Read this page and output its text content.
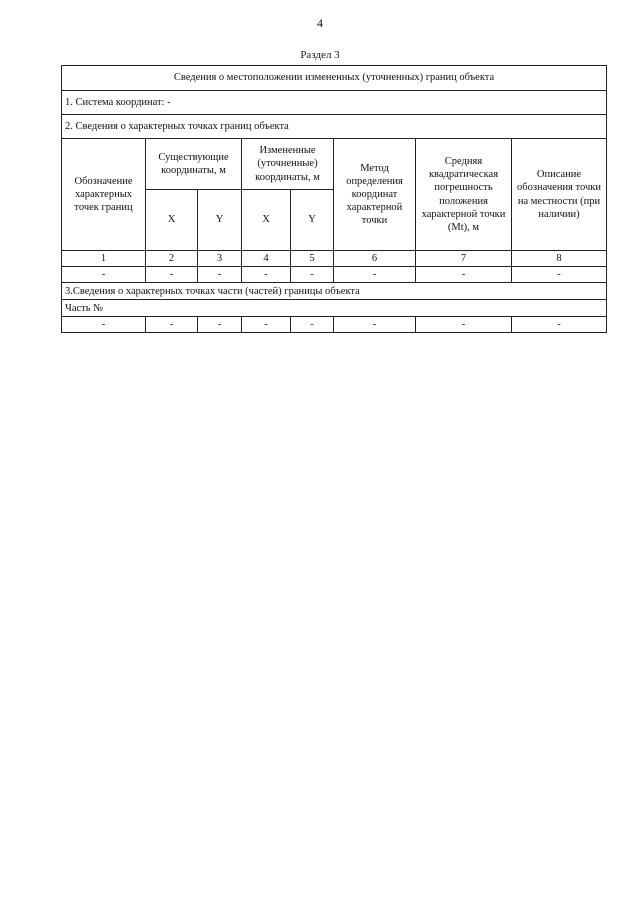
4
Раздел 3
Сведения о местоположении измененных (уточненных) границ объекта							
1. Система координат: -							
2. Сведения о характерных точках границ объекта							
Обозначение характерных точек границ	Существующие координаты, м		Измененные (уточненные) координаты, м		Метод определения координат характерной точки	Средняя квадратическая погрешность положения характерной точки (Mt), м	Описание обозначения точки на местности (при наличии)
	X	Y	X	Y			
1	2	3	4	5	6	7	8
-	-	-	-	-	-	-	-
3.Сведения о характерных точках части (частей) границы объекта							
Часть №							
-	-	-	-	-	-	-	-
